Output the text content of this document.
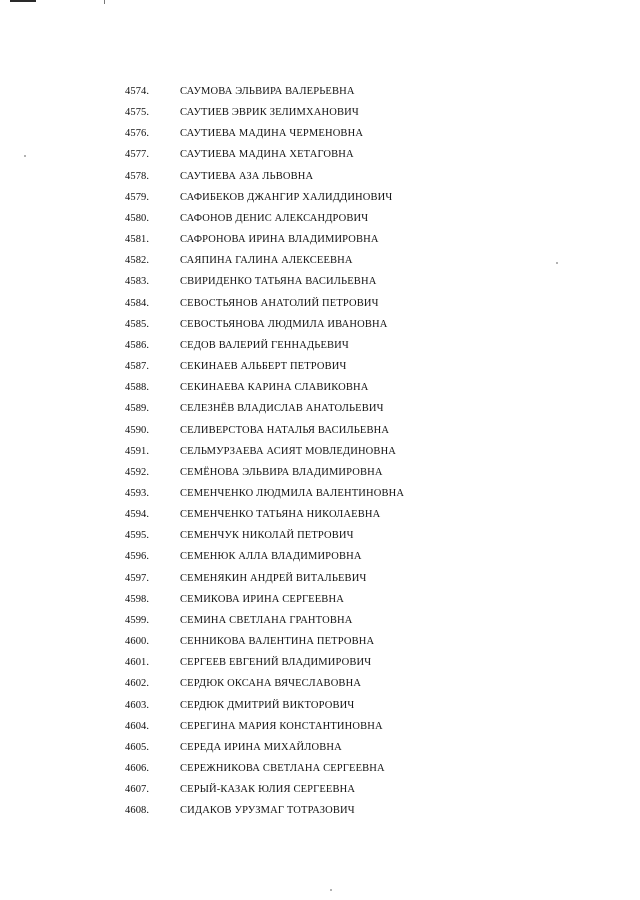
4574.	САУМОВА ЭЛЬВИРА ВАЛЕРЬЕВНА
4575.	САУТИЕВ ЭВРИК ЗЕЛИМХАНОВИЧ
4576.	САУТИЕВА МАДИНА ЧЕРМЕНОВНА
4577.	САУТИЕВА МАДИНА ХЕТАГОВНА
4578.	САУТИЕВА АЗА ЛЬВОВНА
4579.	САФИБЕКОВ ДЖАНГИР ХАЛИДДИНОВИЧ
4580.	САФОНОВ ДЕНИС АЛЕКСАНДРОВИЧ
4581.	САФРОНОВА ИРИНА ВЛАДИМИРОВНА
4582.	САЯПИНА ГАЛИНА АЛЕКСЕЕВНА
4583.	СВИРИДЕНКО ТАТЬЯНА ВАСИЛЬЕВНА
4584.	СЕВОСТЬЯНОВ АНАТОЛИЙ ПЕТРОВИЧ
4585.	СЕВОСТЬЯНОВА ЛЮДМИЛА ИВАНОВНА
4586.	СЕДОВ ВАЛЕРИЙ ГЕННАДЬЕВИЧ
4587.	СЕКИНАЕВ АЛЬБЕРТ ПЕТРОВИЧ
4588.	СЕКИНАЕВА КАРИНА СЛАВИКОВНА
4589.	СЕЛЕЗНЁВ ВЛАДИСЛАВ АНАТОЛЬЕВИЧ
4590.	СЕЛИВЕРСТОВА НАТАЛЬЯ ВАСИЛЬЕВНА
4591.	СЕЛЬМУРЗАЕВА АСИЯТ МОВЛЕДИНОВНА
4592.	СЕМЁНОВА ЭЛЬВИРА ВЛАДИМИРОВНА
4593.	СЕМЕНЧЕНКО ЛЮДМИЛА ВАЛЕНТИНОВНА
4594.	СЕМЕНЧЕНКО ТАТЬЯНА НИКОЛАЕВНА
4595.	СЕМЕНЧУК НИКОЛАЙ ПЕТРОВИЧ
4596.	СЕМЕНЮК АЛЛА ВЛАДИМИРОВНА
4597.	СЕМЕНЯКИН АНДРЕЙ ВИТАЛЬЕВИЧ
4598.	СЕМИКОВА ИРИНА СЕРГЕЕВНА
4599.	СЕМИНА СВЕТЛАНА ГРАНТОВНА
4600.	СЕННИКОВА ВАЛЕНТИНА ПЕТРОВНА
4601.	СЕРГЕЕВ ЕВГЕНИЙ ВЛАДИМИРОВИЧ
4602.	СЕРДЮК ОКСАНА ВЯЧЕСЛАВОВНА
4603.	СЕРДЮК ДМИТРИЙ ВИКТОРОВИЧ
4604.	СЕРЕГИНА МАРИЯ КОНСТАНТИНОВНА
4605.	СЕРЕДА ИРИНА МИХАЙЛОВНА
4606.	СЕРЕЖНИКОВА СВЕТЛАНА СЕРГЕЕВНА
4607.	СЕРЫЙ-КАЗАК ЮЛИЯ СЕРГЕЕВНА
4608.	СИДАКОВ УРУЗМАГ ТОТРАЗОВИЧ
